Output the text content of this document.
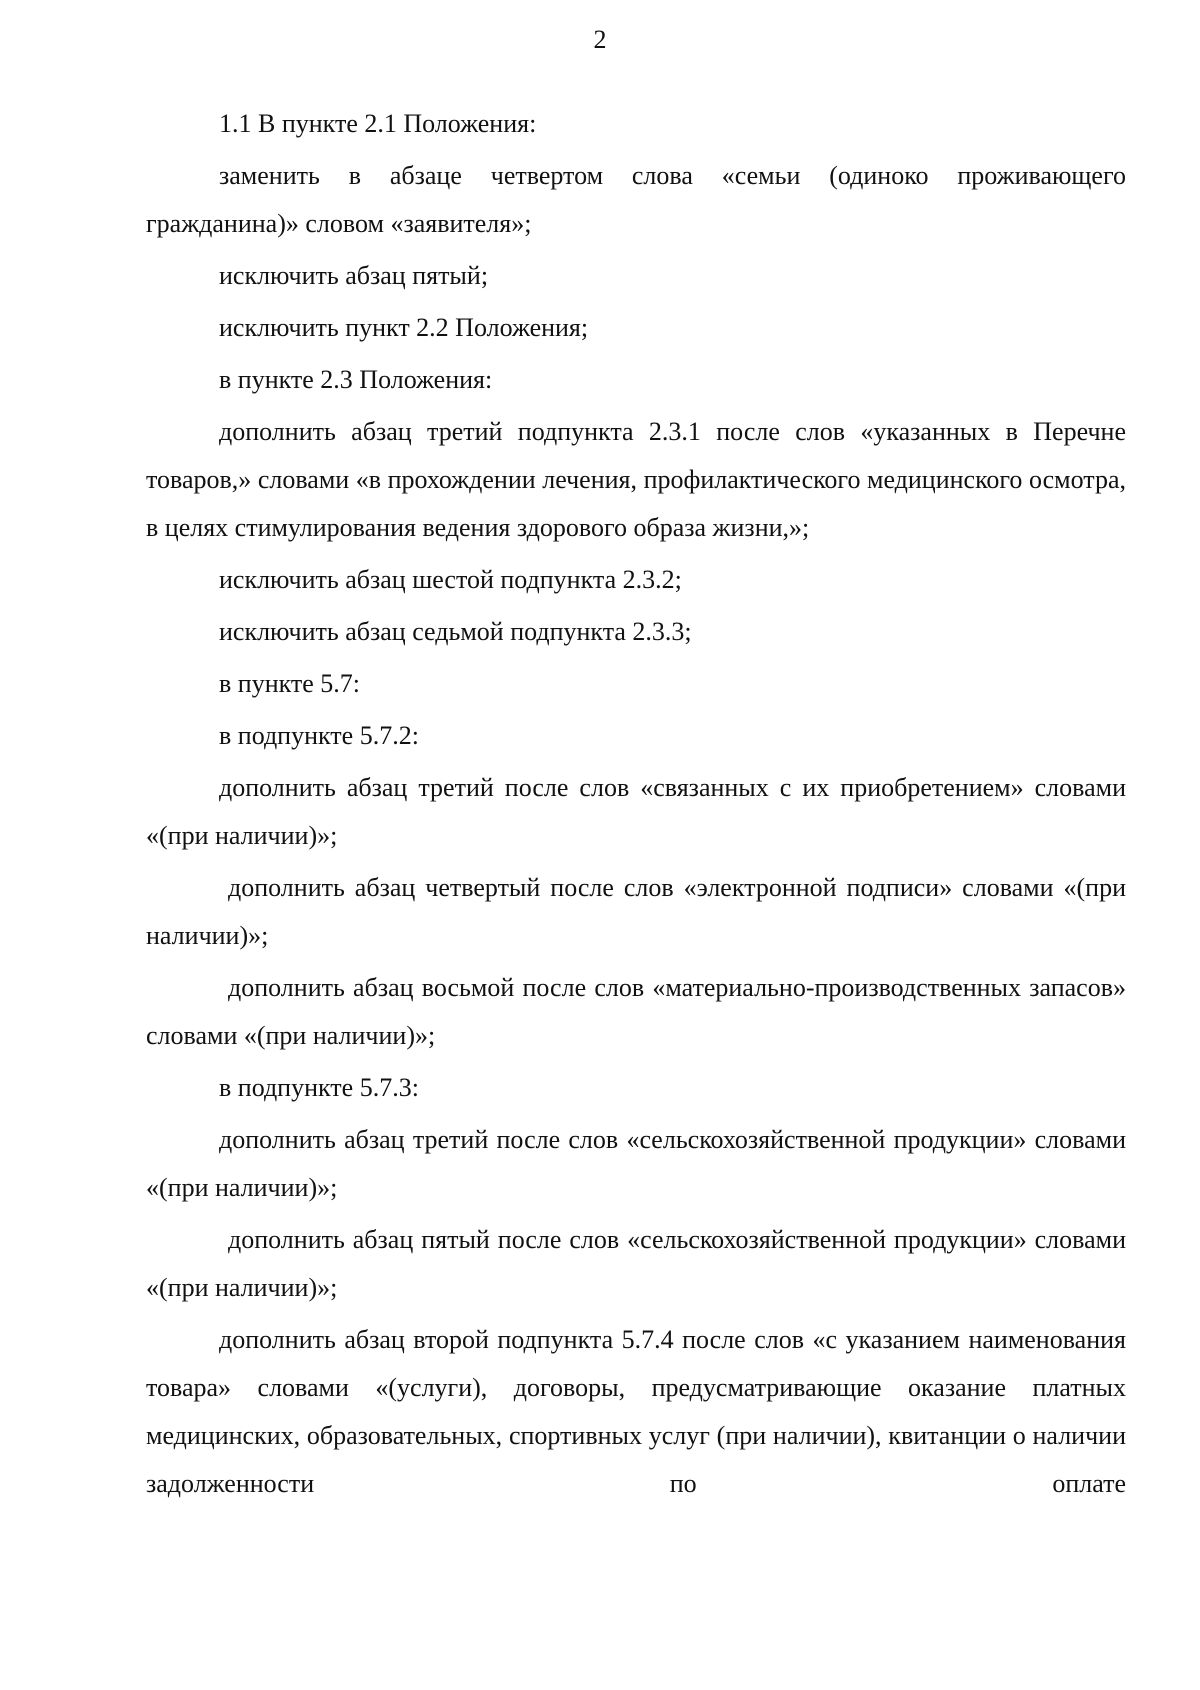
2

1.1 В пункте 2.1 Положения:

заменить в абзаце четвертом слова «семьи (одиноко проживающего гражданина)» словом «заявителя»;

исключить абзац пятый;

исключить пункт 2.2 Положения;

в пункте 2.3 Положения:

дополнить абзац третий подпункта 2.3.1 после слов «указанных в Перечне товаров,» словами «в прохождении лечения, профилактического медицинского осмотра, в целях стимулирования ведения здорового образа жизни,»;

исключить абзац шестой подпункта 2.3.2;

исключить абзац седьмой подпункта 2.3.3;

в пункте 5.7:

в подпункте 5.7.2:

дополнить абзац третий после слов «связанных с их приобретением» словами «(при наличии)»;

дополнить абзац четвертый после слов «электронной подписи» словами «(при наличии)»;

дополнить абзац восьмой после слов «материально-производственных запасов» словами «(при наличии)»;

в подпункте 5.7.3:

дополнить абзац третий после слов «сельскохозяйственной продукции» словами «(при наличии)»;

дополнить абзац пятый после слов «сельскохозяйственной продукции» словами «(при наличии)»;

дополнить абзац второй подпункта 5.7.4 после слов «с указанием наименования товара» словами «(услуги), договоры, предусматривающие оказание платных медицинских, образовательных, спортивных услуг (при наличии), квитанции о наличии задолженности по оплате
